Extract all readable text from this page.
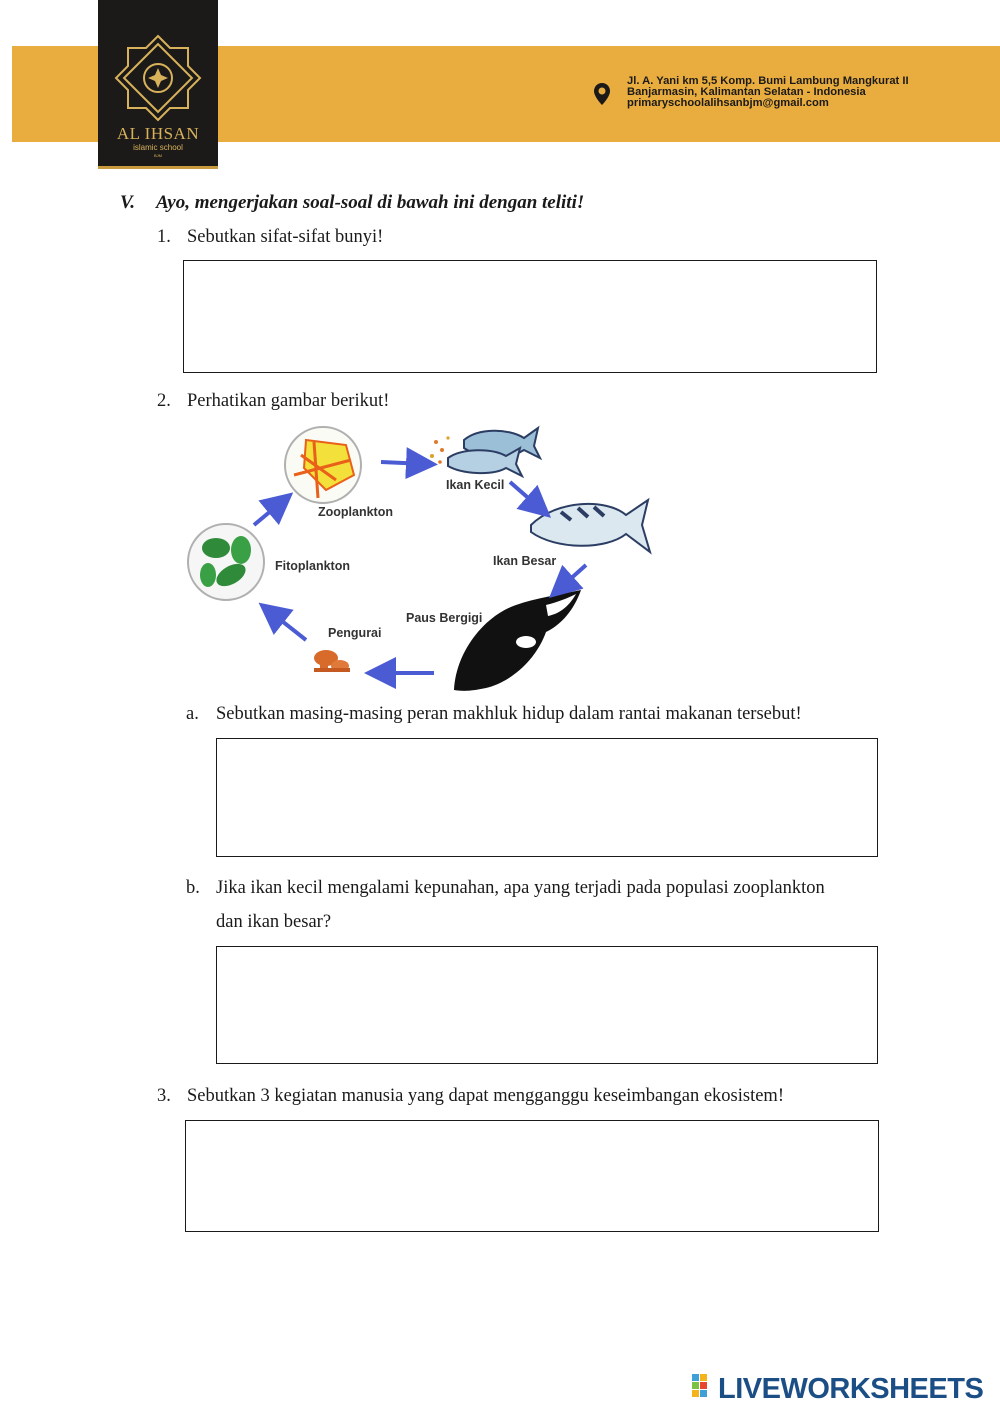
AL IHSAN
islamic school
BJM
Jl. A. Yani km 5,5 Komp. Bumi Lambung Mangkurat II
Banjarmasin, Kalimantan Selatan - Indonesia
primaryschoolalihsanbjm@gmail.com
V. Ayo, mengerjakan soal-soal di bawah ini dengan teliti!
1. Sebutkan sifat-sifat bunyi!
2. Perhatikan gambar berikut!
Zooplankton
Ikan Kecil
Ikan Besar
Fitoplankton
Paus Bergigi
Pengurai
a. Sebutkan masing-masing peran makhluk hidup dalam rantai makanan tersebut!
b. Jika ikan kecil mengalami kepunahan, apa yang terjadi pada populasi zooplankton
dan ikan besar?
3. Sebutkan 3 kegiatan manusia yang dapat mengganggu keseimbangan ekosistem!
LIVEWORKSHEETS
